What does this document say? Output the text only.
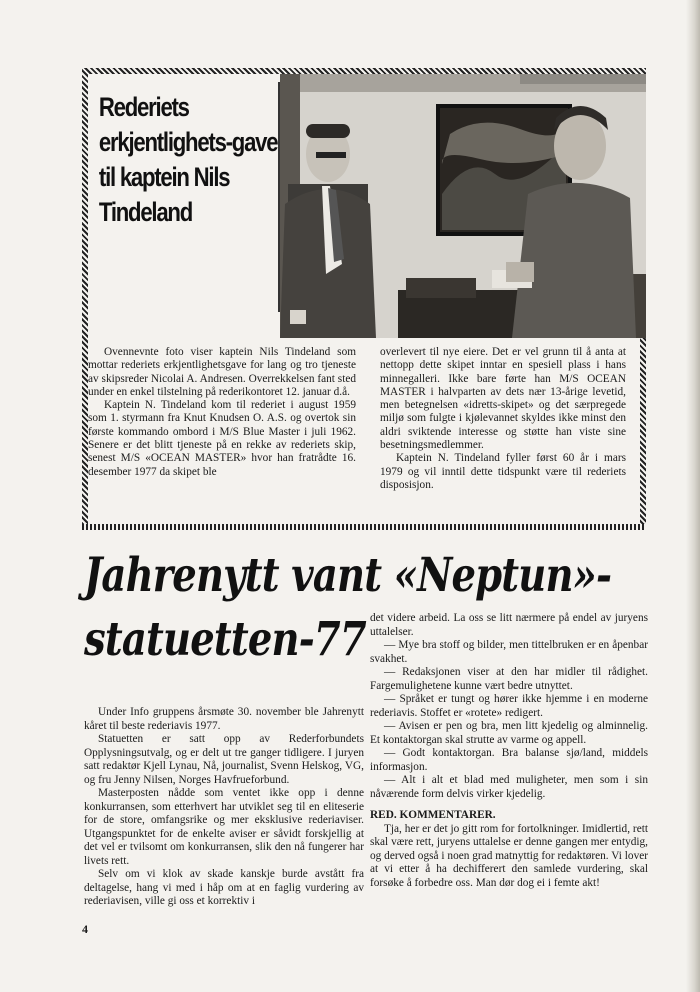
Rederiets erkjentlighets-gave til kaptein Nils Tindeland

Ovennevnte foto viser kaptein Nils Tindeland som mottar rederiets erkjentlighetsgave for lang og tro tjeneste av skipsreder Nicolai A. Andresen. Overrekkelsen fant sted under en enkel tilstelning på rederikontoret 12. januar d.å.

Kaptein N. Tindeland kom til rederiet i august 1959 som 1. styrmann fra Knut Knudsen O. A.S. og overtok sin første kommando ombord i M/S Blue Master i juli 1962. Senere er det blitt tjeneste på en rekke av rederiets skip, senest M/S «OCEAN MASTER» hvor han fratrådte 16. desember 1977 da skipet ble

overlevert til nye eiere. Det er vel grunn til å anta at nettopp dette skipet inntar en spesiell plass i hans minnegalleri. Ikke bare førte han M/S OCEAN MASTER i halvparten av dets nær 13-årige levetid, men betegnelsen «idretts-skipet» og det særpregede miljø som fulgte i kjølevannet skyldes ikke minst den aldri sviktende interesse og støtte han viste sine besetningsmedlemmer.

Kaptein N. Tindeland fyller først 60 år i mars 1979 og vil inntil dette tidspunkt være til rederiets disposisjon.

Jahrenytt vant «Neptun»-
statuetten-77

Under Info gruppens årsmøte 30. november ble Jahrenytt kåret til beste rederiavis 1977.

Statuetten er satt opp av Rederforbundets Opplysningsutvalg, og er delt ut tre ganger tidligere. I juryen satt redaktør Kjell Lynau, Nå, journalist, Svenn Helskog, VG, og fru Jenny Nilsen, Norges Havfrueforbund.

Masterposten nådde som ventet ikke opp i denne konkurransen, som etterhvert har utviklet seg til en eliteserie for de store, omfangsrike og mer eksklusive rederiaviser. Utgangspunktet for de enkelte aviser er såvidt forskjellig at det vel er tvilsomt om konkurransen, slik den nå fungerer har livets rett.

Selv om vi klok av skade kanskje burde avstått fra deltagelse, hang vi med i håp om at en faglig vurdering av rederiavisen, ville gi oss et korrektiv i

det videre arbeid. La oss se litt nærmere på endel av juryens uttalelser.

— Mye bra stoff og bilder, men tittelbruken er en åpenbar svakhet.

— Redaksjonen viser at den har midler til rådighet. Fargemulighetene kunne vært bedre utnyttet.

— Språket er tungt og hører ikke hjemme i en moderne rederiavis. Stoffet er «rotete» redigert.

— Avisen er pen og bra, men litt kjedelig og alminnelig. Et kontaktorgan skal strutte av varme og appell.

— Godt kontaktorgan. Bra balanse sjø/land, middels informasjon.

— Alt i alt et blad med muligheter, men som i sin nåværende form delvis virker kjedelig.

RED. KOMMENTARER.

Tja, her er det jo gitt rom for fortolkninger. Imidlertid, rett skal være rett, juryens uttalelse er denne gangen mer entydig, og derved også i noen grad matnyttig for redaktøren. Vi lover at vi etter å ha dechifferert den samlede vurdering, skal forsøke å forbedre oss. Man dør dog ei i femte akt!

4
